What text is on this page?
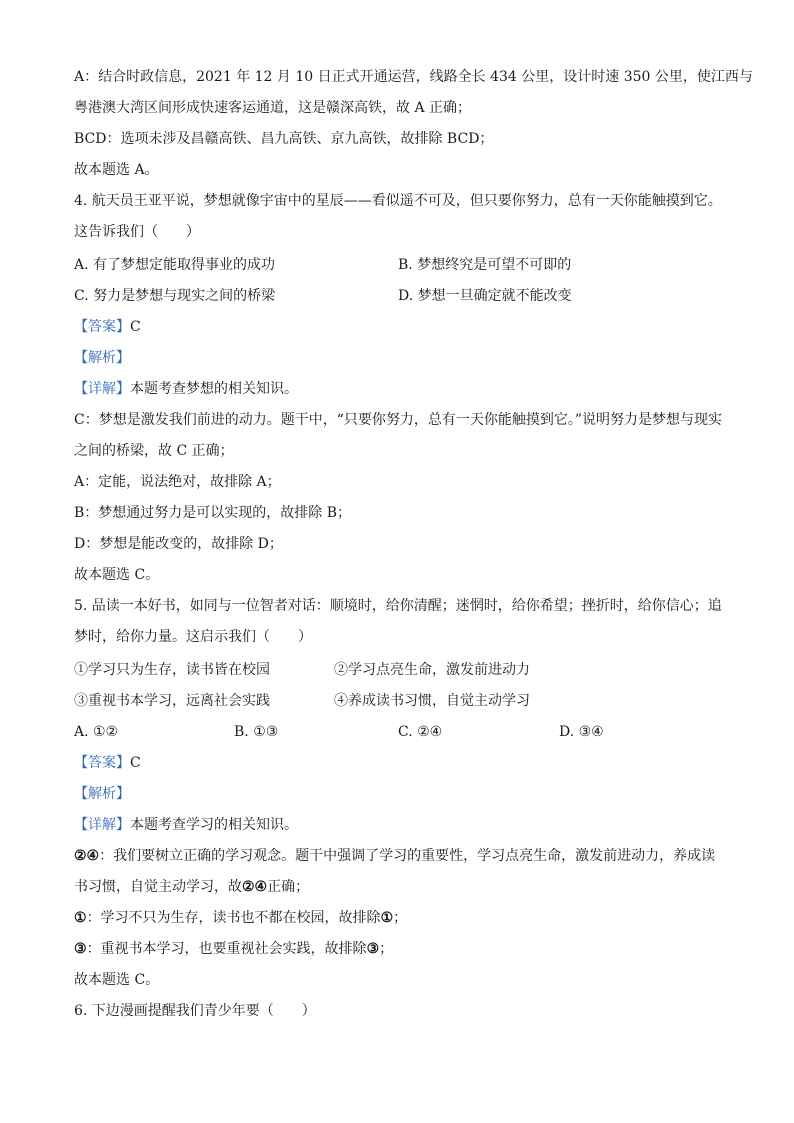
A：结合时政信息，2021 年 12 月 10 日正式开通运营，线路全长 434 公里，设计时速 350 公里，使江西与
粤港澳大湾区间形成快速客运通道，这是赣深高铁，故 A 正确；
BCD：选项未涉及昌赣高铁、昌九高铁、京九高铁，故排除 BCD；
故本题选 A。
4. 航天员王亚平说，梦想就像宇宙中的星辰——看似遥不可及，但只要你努力，总有一天你能触摸到它。
这告诉我们（　　）
A. 有了梦想定能取得事业的成功	B. 梦想终究是可望不可即的
C. 努力是梦想与现实之间的桥梁	D. 梦想一旦确定就不能改变
【答案】C
【解析】
【详解】本题考查梦想的相关知识。
C：梦想是激发我们前进的动力。题干中，“只要你努力，总有一天你能触摸到它。”说明努力是梦想与现实
之间的桥梁，故 C 正确；
A：定能，说法绝对，故排除 A；
B：梦想通过努力是可以实现的，故排除 B；
D：梦想是能改变的，故排除 D；
故本题选 C。
5. 品读一本好书，如同与一位智者对话：顺境时，给你清醒；迷惘时，给你希望；挫折时，给你信心；追
梦时，给你力量。这启示我们（　　）
①学习只为生存，读书皆在校园	②学习点亮生命，激发前进动力
③重视书本学习，远离社会实践	④养成读书习惯，自觉主动学习
A. ①②	B. ①③	C. ②④	D. ③④
【答案】C
【解析】
【详解】本题考查学习的相关知识。
②④：我们要树立正确的学习观念。题干中强调了学习的重要性，学习点亮生命，激发前进动力，养成读
书习惯，自觉主动学习，故②④正确；
①：学习不只为生存，读书也不都在校园，故排除①；
③：重视书本学习，也要重视社会实践，故排除③；
故本题选 C。
6. 下边漫画提醒我们青少年要（　　）
